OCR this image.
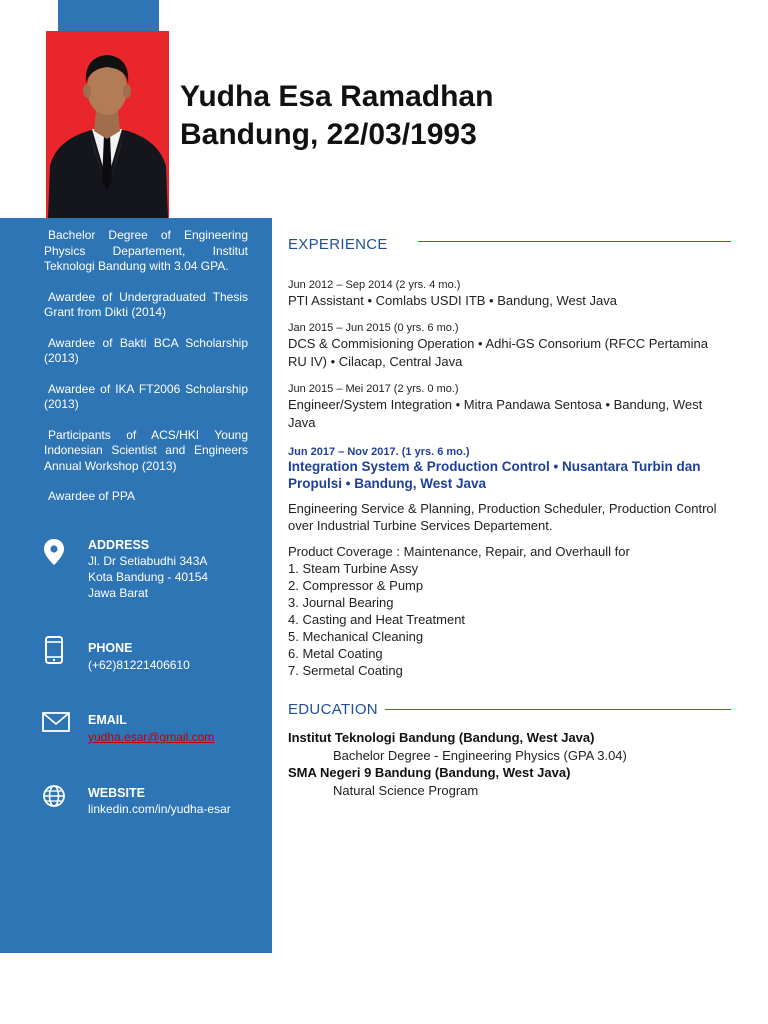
Yudha Esa Ramadhan
Bandung, 22/03/1993
Bachelor Degree of Engineering Physics Departement, Institut Teknologi Bandung with 3.04 GPA.
Awardee of Undergraduated Thesis Grant from Dikti (2014)
Awardee of Bakti BCA Scholarship (2013)
Awardee of IKA FT2006 Scholarship (2013)
Participants of ACS/HKI Young Indonesian Scientist and Engineers Annual Workshop (2013)
Awardee of PPA
ADDRESS
Jl. Dr Setiabudhi 343A
Kota Bandung - 40154
Jawa Barat
PHONE
(+62)81221406610
EMAIL
yudha.esar@gmail.com
WEBSITE
linkedin.com/in/yudha-esar
EXPERIENCE
Jun 2012 – Sep 2014 (2 yrs. 4 mo.)
PTI Assistant • Comlabs USDI ITB • Bandung, West Java
Jan 2015 – Jun 2015 (0 yrs. 6 mo.)
DCS & Commisioning Operation • Adhi-GS Consorium (RFCC Pertamina RU IV) • Cilacap, Central Java
Jun 2015 – Mei 2017 (2 yrs. 0 mo.)
Engineer/System Integration • Mitra Pandawa Sentosa • Bandung, West Java
Jun 2017 – Nov 2017. (1 yrs. 6 mo.)
Integration System & Production Control • Nusantara Turbin dan Propulsi • Bandung, West Java
Engineering Service & Planning, Production Scheduler, Production Control over Industrial Turbine Services Departement.
Product Coverage : Maintenance, Repair, and Overhaull for
1. Steam Turbine Assy
2. Compressor & Pump
3. Journal Bearing
4. Casting and Heat Treatment
5. Mechanical Cleaning
6. Metal Coating
7. Sermetal Coating
EDUCATION
Institut Teknologi Bandung (Bandung, West Java)
Bachelor Degree - Engineering Physics (GPA 3.04)
SMA Negeri 9 Bandung (Bandung, West Java)
Natural Science Program
